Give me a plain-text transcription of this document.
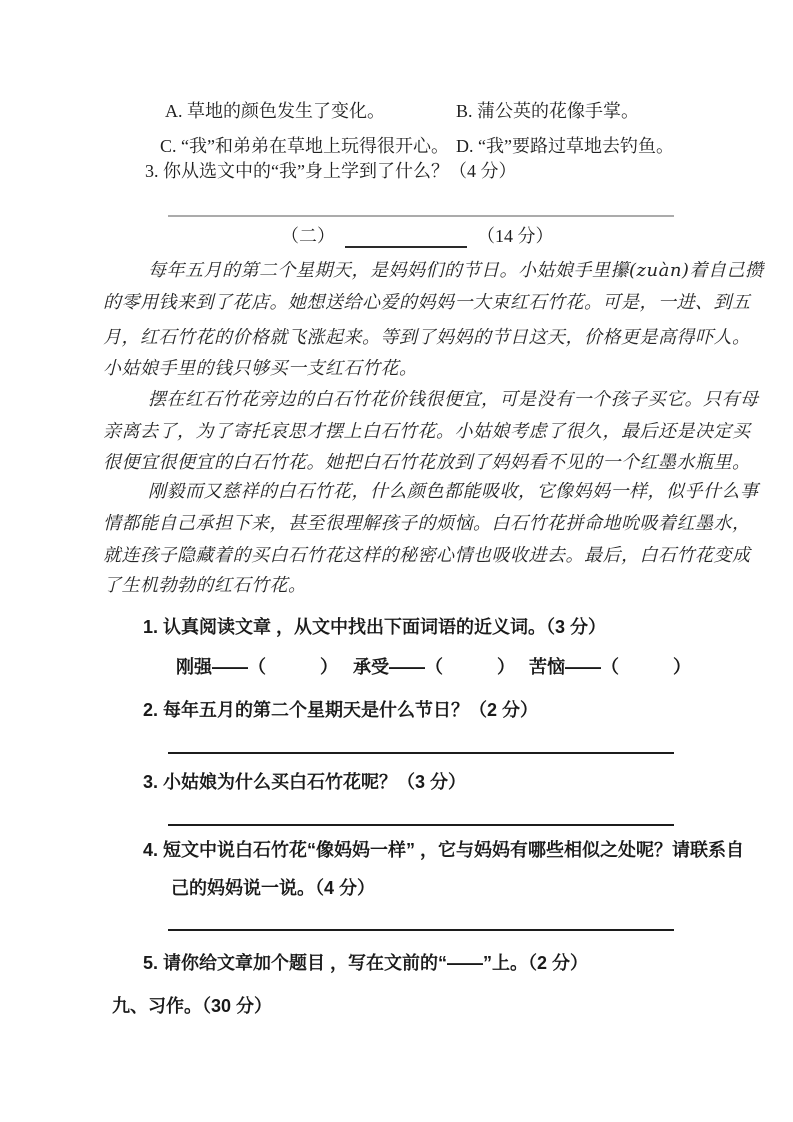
A. 草地的颜色发生了变化。	B. 蒲公英的花像手掌。
C. “我”和弟弟在草地上玩得很开心。 D. “我”要路过草地去钓鱼。
3. 你从选文中的“我”身上学到了什么？（4 分）
（二）	（14 分）
每年五月的第二个星期天，是妈妈们的节日。小姑娘手里攥(zuàn)着自己攒
的零用钱来到了花店。她想送给心爱的妈妈一大束红石竹花。可是，一进、到五
月，红石竹花的价格就飞涨起来。等到了妈妈的节日这天，价格更是高得吓人。
小姑娘手里的钱只够买一支红石竹花。
摆在红石竹花旁边的白石竹花价钱很便宜，可是没有一个孩子买它。只有母
亲离去了，为了寄托哀思才摆上白石竹花。小姑娘考虑了很久，最后还是决定买
很便宜很便宜的白石竹花。她把白石竹花放到了妈妈看不见的一个红墨水瓶里。
刚毅而又慈祥的白石竹花，什么颜色都能吸收，它像妈妈一样，似乎什么事
情都能自己承担下来，甚至很理解孩子的烦恼。白石竹花拼命地吮吸着红墨水，
就连孩子隐藏着的买白石竹花这样的秘密心情也吸收进去。最后，白石竹花变成
了生机勃勃的红石竹花。
1. 认真阅读文章 ，从文中找出下面词语的近义词。（3 分）
刚强——（　　　） 承受——（　　　） 苦恼——（　　　）
2. 每年五月的第二个星期天是什么节日？（2 分）
3. 小姑娘为什么买白石竹花呢？（3 分）
4. 短文中说白石竹花“像妈妈一样” ，它与妈妈有哪些相似之处呢？请联系自
己的妈妈说一说。（4 分）
5. 请你给文章加个题目 ，写在文前的“——”上。（2 分）
九、习作。（30 分）
